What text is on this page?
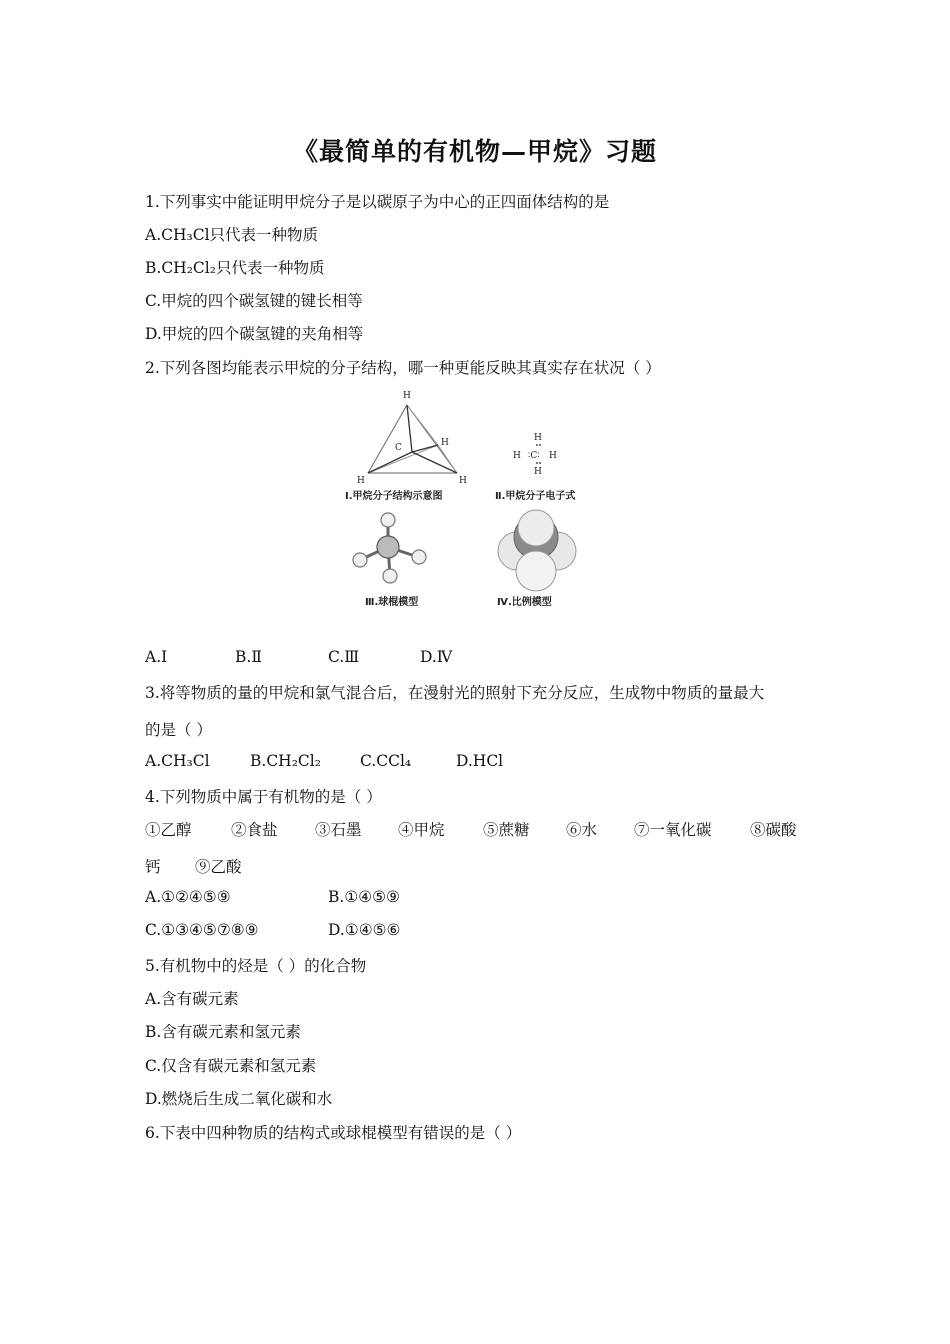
《最简单的有机物—甲烷》习题
1.下列事实中能证明甲烷分子是以碳原子为中心的正四面体结构的是
A.CH₃Cl只代表一种物质
B.CH₂Cl₂只代表一种物质
C.甲烷的四个碳氢键的键长相等
D.甲烷的四个碳氢键的夹角相等
2.下列各图均能表示甲烷的分子结构，哪一种更能反映其真实存在状况（ ）
H
C	H
H	H
Ⅰ.甲烷分子结构示意图
H
H ∶C∶ H
H
Ⅱ.甲烷分子电子式
Ⅲ.球棍模型	Ⅳ.比例模型
A.Ⅰ	B.Ⅱ	C.Ⅲ	D.Ⅳ
3.将等物质的量的甲烷和氯气混合后，在漫射光的照射下充分反应，生成物中物质的量最大
的是（ ）
A.CH₃Cl	B.CH₂Cl₂	C.CCl₄	D.HCl
4.下列物质中属于有机物的是（ ）
①乙醇	②食盐 ③石墨 ④甲烷 ⑤蔗糖 ⑥水 ⑦一氧化碳 ⑧碳酸
钙 ⑨乙酸
A.①②④⑤⑨	B.①④⑤⑨
C.①③④⑤⑦⑧⑨	D.①④⑤⑥
5.有机物中的烃是（ ）的化合物
A.含有碳元素
B.含有碳元素和氢元素
C.仅含有碳元素和氢元素
D.燃烧后生成二氧化碳和水
6.下表中四种物质的结构式或球棍模型有错误的是（ ）
